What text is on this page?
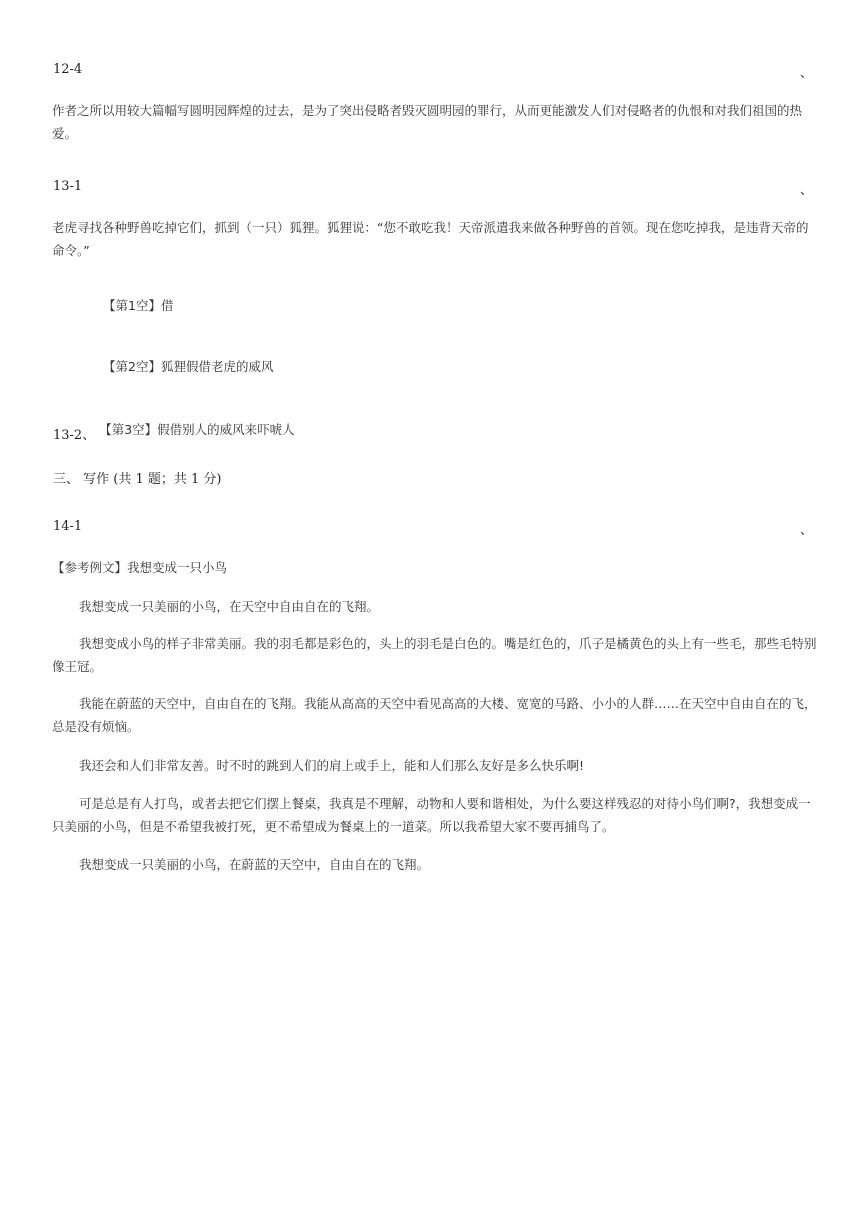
12-4	、
作者之所以用较大篇幅写圆明园辉煌的过去，是为了突出侵略者毁灭圆明园的罪行，从而更能激发人们对侵略者的仇恨和对我们祖国的热爱。
13-1	、
老虎寻找各种野兽吃掉它们，抓到（一只）狐狸。狐狸说：“您不敢吃我！天帝派遣我来做各种野兽的首领。现在您吃掉我，是违背天帝的命令。”
【第1空】借
【第2空】狐狸假借老虎的威风
13-2、 【第3空】假借别人的威风来吓唬人
三、 写作 (共 1 题；共 1 分)
14-1	、
【参考例文】我想变成一只小鸟
我想变成一只美丽的小鸟，在天空中自由自在的飞翔。
我想变成小鸟的样子非常美丽。我的羽毛都是彩色的，头上的羽毛是白色的。嘴是红色的，爪子是橘黄色的头上有一些毛，那些毛特别像王冠。
我能在蔚蓝的天空中，自由自在的飞翔。我能从高高的天空中看见高高的大楼、宽宽的马路、小小的人群……在天空中自由自在的飞，总是没有烦恼。
我还会和人们非常友善。时不时的跳到人们的肩上或手上，能和人们那么友好是多么快乐啊!
可是总是有人打鸟，或者去把它们摆上餐桌，我真是不理解，动物和人要和谐相处，为什么要这样残忍的对待小鸟们啊?，我想变成一只美丽的小鸟，但是不希望我被打死，更不希望成为餐桌上的一道菜。所以我希望大家不要再捕鸟了。
我想变成一只美丽的小鸟，在蔚蓝的天空中，自由自在的飞翔。
